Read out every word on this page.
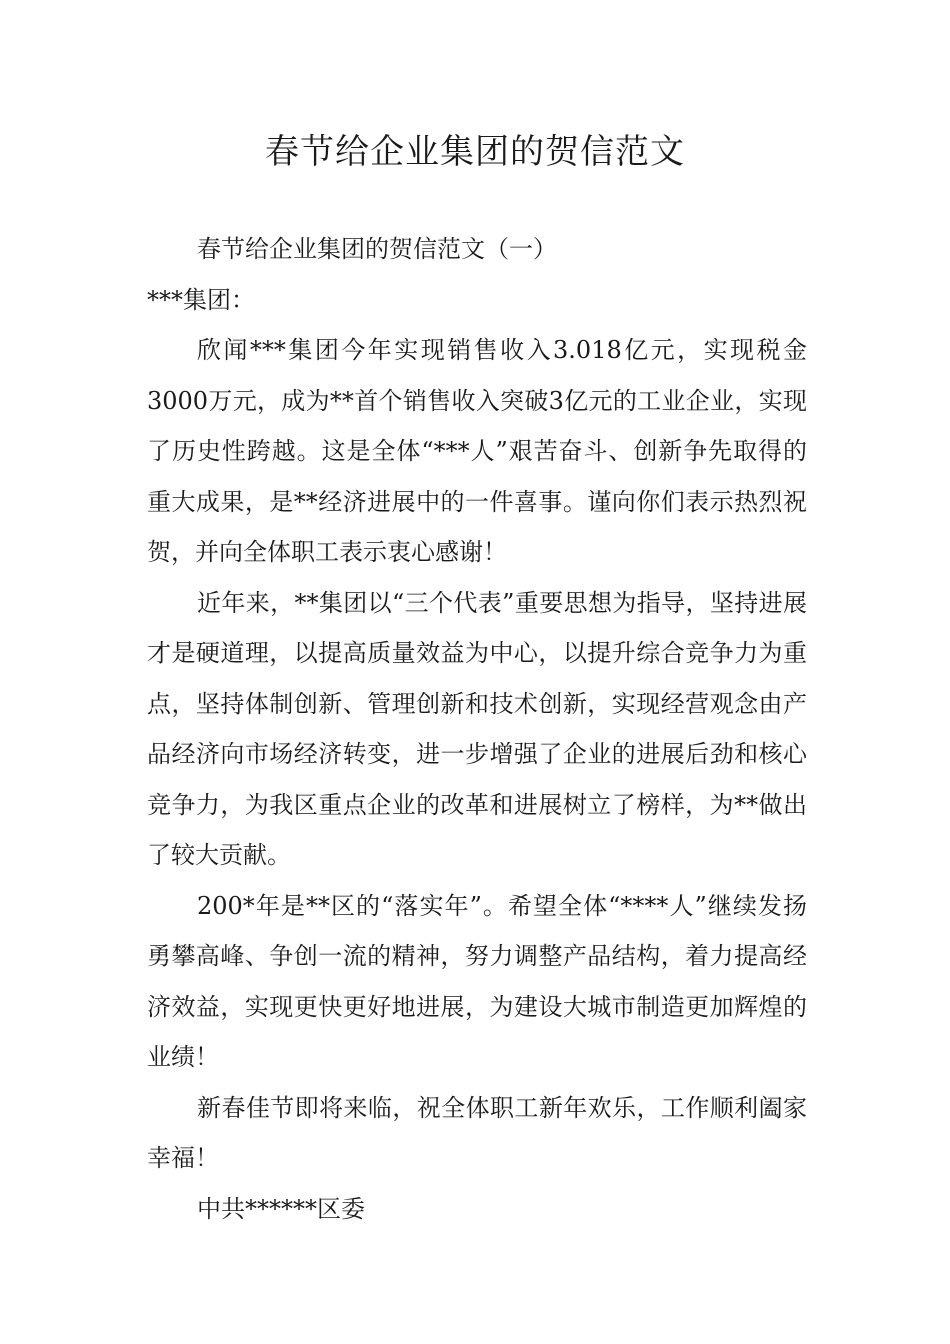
春节给企业集团的贺信范文

春节给企业集团的贺信范文（一）

***集团：

欣闻***集团今年实现销售收入3.018亿元，实现税金3000万元，成为**首个销售收入突破3亿元的工业企业，实现了历史性跨越。这是全体“***人”艰苦奋斗、创新争先取得的重大成果，是**经济进展中的一件喜事。谨向你们表示热烈祝贺，并向全体职工表示衷心感谢！

近年来，**集团以“三个代表”重要思想为指导，坚持进展才是硬道理，以提高质量效益为中心，以提升综合竞争力为重点，坚持体制创新、管理创新和技术创新，实现经营观念由产品经济向市场经济转变，进一步增强了企业的进展后劲和核心竞争力，为我区重点企业的改革和进展树立了榜样，为**做出了较大贡献。

200*年是**区的“落实年”。希望全体“****人”继续发扬勇攀高峰、争创一流的精神，努力调整产品结构，着力提高经济效益，实现更快更好地进展，为建设大城市制造更加辉煌的业绩！

新春佳节即将来临，祝全体职工新年欢乐，工作顺利阖家幸福！

中共******区委
